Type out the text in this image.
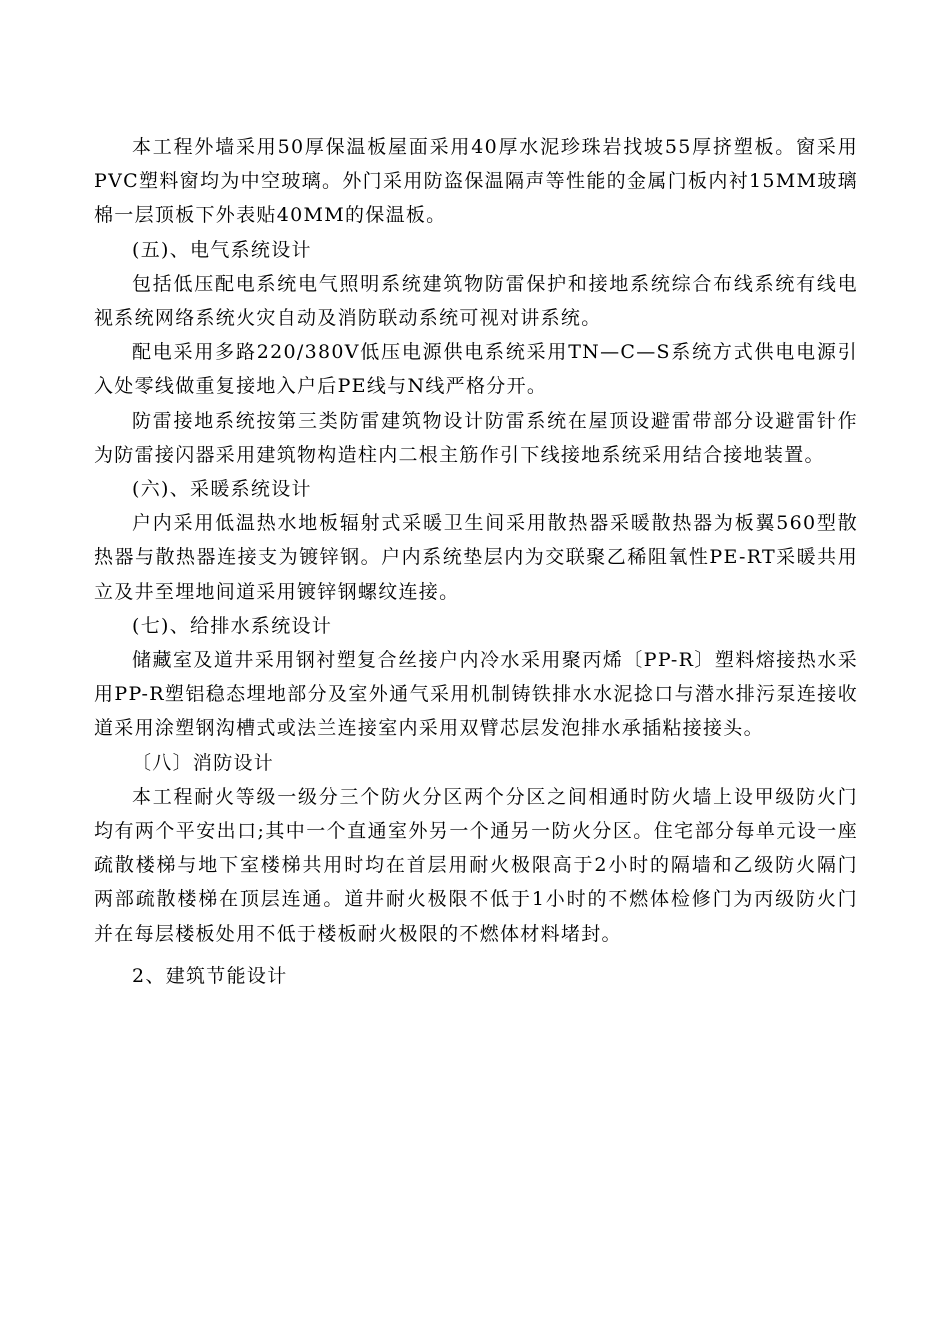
本工程外墙采用50厚保温板屋面采用40厚水泥珍珠岩找坡55厚挤塑板。窗采用PVC塑料窗均为中空玻璃。外门采用防盗保温隔声等性能的金属门板内衬15MM玻璃棉一层顶板下外表贴40MM的保温板。

(五)、电气系统设计

包括低压配电系统电气照明系统建筑物防雷保护和接地系统综合布线系统有线电视系统网络系统火灾自动及消防联动系统可视对讲系统。

配电采用多路220/380V低压电源供电系统采用TN—C—S系统方式供电电源引入处零线做重复接地入户后PE线与N线严格分开。

防雷接地系统按第三类防雷建筑物设计防雷系统在屋顶设避雷带部分设避雷针作为防雷接闪器采用建筑物构造柱内二根主筋作引下线接地系统采用结合接地装置。

(六)、采暖系统设计

户内采用低温热水地板辐射式采暖卫生间采用散热器采暖散热器为板翼560型散热器与散热器连接支为镀锌钢。户内系统垫层内为交联聚乙稀阻氧性PE-RT采暖共用立及井至埋地间道采用镀锌钢螺纹连接。

(七)、给排水系统设计

储藏室及道井采用钢衬塑复合丝接户内冷水采用聚丙烯〔PP-R〕塑料熔接热水采用PP-R塑铝稳态埋地部分及室外通气采用机制铸铁排水水泥捻口与潜水排污泵连接收道采用涂塑钢沟槽式或法兰连接室内采用双臂芯层发泡排水承插粘接接头。

〔八〕消防设计

本工程耐火等级一级分三个防火分区两个分区之间相通时防火墙上设甲级防火门均有两个平安出口;其中一个直通室外另一个通另一防火分区。住宅部分每单元设一座疏散楼梯与地下室楼梯共用时均在首层用耐火极限高于2小时的隔墙和乙级防火隔门两部疏散楼梯在顶层连通。道井耐火极限不低于1小时的不燃体检修门为丙级防火门并在每层楼板处用不低于楼板耐火极限的不燃体材料堵封。

2、建筑节能设计
